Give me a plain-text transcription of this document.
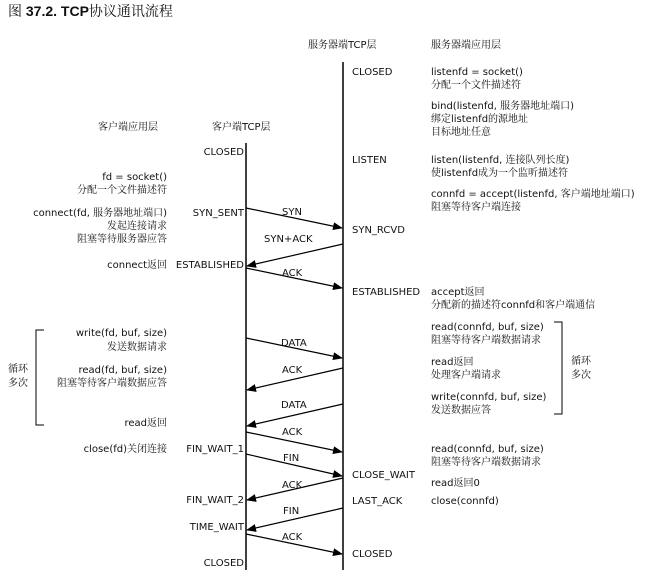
图 37.2. TCP协议通讯流程
客户端应用层	客户端TCP层
服务器端TCP层	服务器端应用层
CLOSED
LISTEN
SYN_RCVD
ESTABLISHED
CLOSE_WAIT
LAST_ACK
CLOSED
CLOSED
SYN_SENT
ESTABLISHED
FIN_WAIT_1
FIN_WAIT_2
TIME_WAIT
CLOSED
listenfd = socket()
分配一个文件描述符
bind(listenfd, 服务器地址端口)
绑定listenfd的源地址
目标地址任意
listen(listenfd, 连接队列长度)
使listenfd成为一个监听描述符
connfd = accept(listenfd, 客户端地址端口)
阻塞等待客户端连接
accept返回
分配新的描述符connfd和客户端通信
read(connfd, buf, size)
阻塞等待客户端数据请求
read返回
处理客户端请求
write(connfd, buf, size)
发送数据应答
循环
多次
read(connfd, buf, size)
阻塞等待客户端数据请求
read返回0
close(connfd)
fd = socket()
分配一个文件描述符
connect(fd, 服务器地址端口)
发起连接请求
阻塞等待服务器应答
connect返回
write(fd, buf, size)
发送数据请求
read(fd, buf, size)
阻塞等待客户端数据应答
循环
多次
read返回
close(fd)关闭连接
SYN
SYN+ACK
ACK
DATA
ACK
DATA
ACK
FIN
ACK
FIN
ACK
